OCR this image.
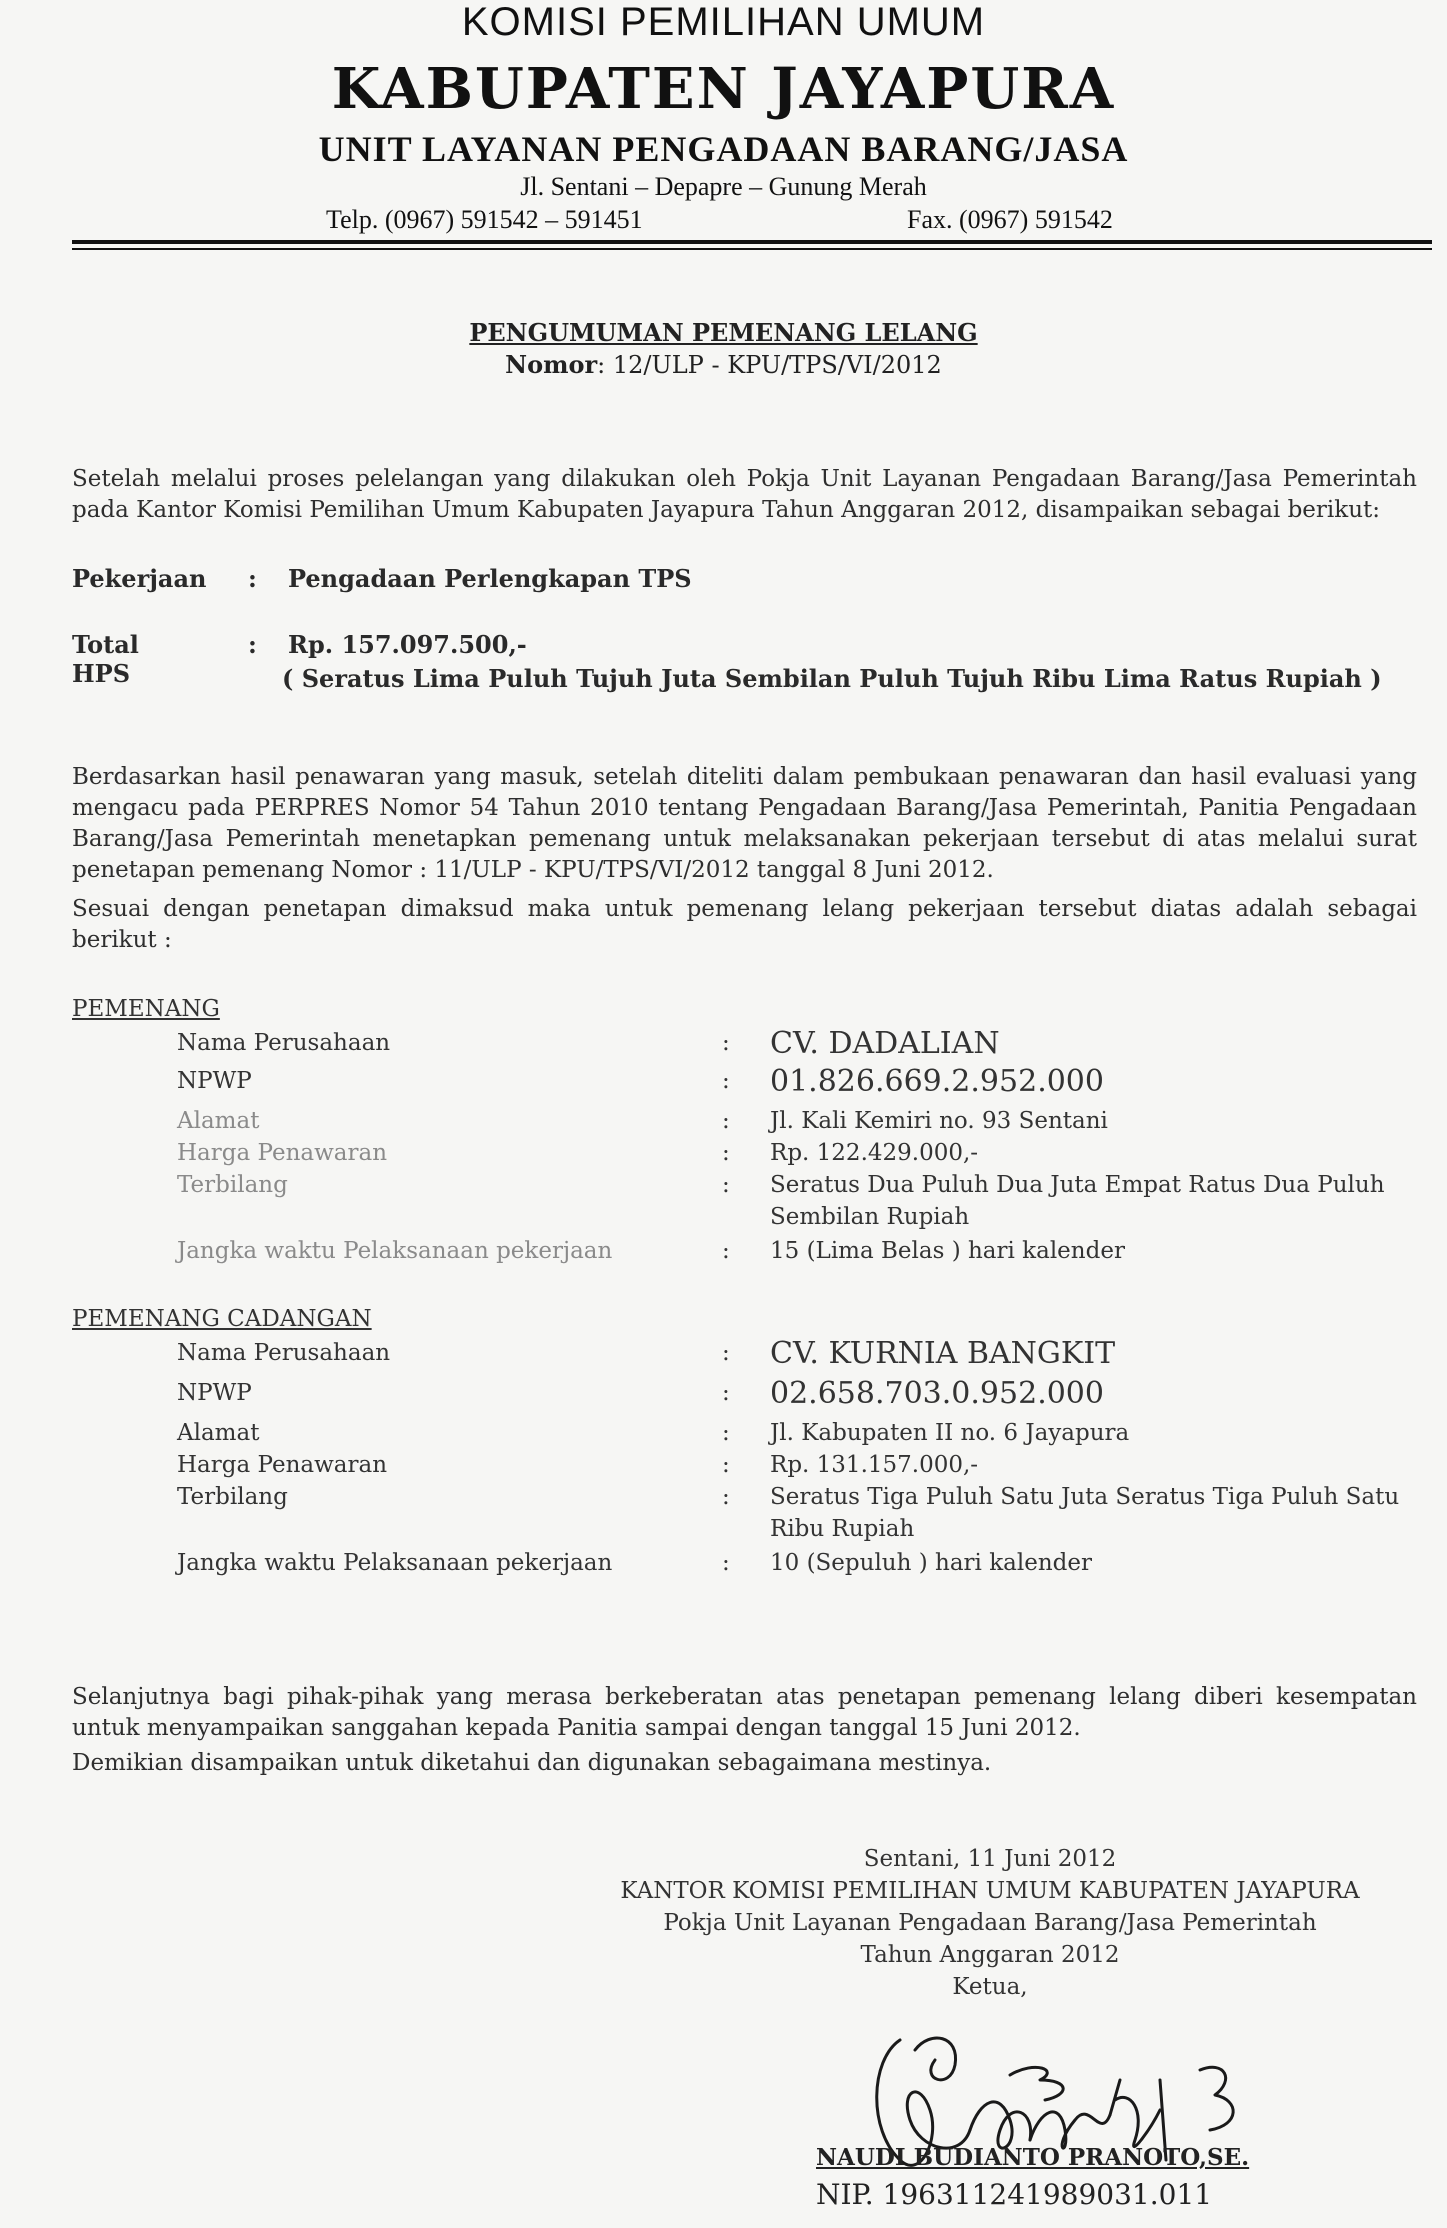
KOMISI PEMILIHAN UMUM
KABUPATEN JAYAPURA
UNIT LAYANAN PENGADAAN BARANG/JASA
Jl. Sentani – Depapre – Gunung Merah
Telp. (0967) 591542 – 591451	Fax. (0967) 591542
PENGUMUMAN PEMENANG LELANG
Nomor: 12/ULP - KPU/TPS/VI/2012
Setelah melalui proses pelelangan yang dilakukan oleh Pokja Unit Layanan Pengadaan Barang/Jasa Pemerintah pada Kantor Komisi Pemilihan Umum Kabupaten Jayapura Tahun Anggaran 2012, disampaikan sebagai berikut:
Pekerjaan : Pengadaan Perlengkapan TPS
Total HPS
: Rp. 157.097.500,-
( Seratus Lima Puluh Tujuh Juta Sembilan Puluh Tujuh Ribu Lima Ratus Rupiah )
Berdasarkan hasil penawaran yang masuk, setelah diteliti dalam pembukaan penawaran dan hasil evaluasi yang mengacu pada PERPRES Nomor 54 Tahun 2010 tentang Pengadaan Barang/Jasa Pemerintah, Panitia Pengadaan Barang/Jasa Pemerintah menetapkan pemenang untuk melaksanakan pekerjaan tersebut di atas melalui surat penetapan pemenang Nomor : 11/ULP - KPU/TPS/VI/2012 tanggal 8 Juni 2012.
Sesuai dengan penetapan dimaksud maka untuk pemenang lelang pekerjaan tersebut diatas adalah sebagai berikut :
PEMENANG
Nama Perusahaan	: CV. DADALIAN
NPWP	: 01.826.669.2.952.000
Alamat	: Jl. Kali Kemiri no. 93 Sentani
Harga Penawaran	: Rp. 122.429.000,-
Terbilang	: Seratus Dua Puluh Dua Juta Empat Ratus Dua Puluh
Sembilan Rupiah
Jangka waktu Pelaksanaan pekerjaan	: 15 (Lima Belas ) hari kalender
PEMENANG CADANGAN
Nama Perusahaan	: CV. KURNIA BANGKIT
NPWP	: 02.658.703.0.952.000
Alamat	: Jl. Kabupaten II no. 6 Jayapura
Harga Penawaran	: Rp. 131.157.000,-
Terbilang	: Seratus Tiga Puluh Satu Juta Seratus Tiga Puluh Satu
Ribu Rupiah
Jangka waktu Pelaksanaan pekerjaan	: 10 (Sepuluh ) hari kalender
Selanjutnya bagi pihak-pihak yang merasa berkeberatan atas penetapan pemenang lelang diberi kesempatan untuk menyampaikan sanggahan kepada Panitia sampai dengan tanggal 15 Juni 2012.
Demikian disampaikan untuk diketahui dan digunakan sebagaimana mestinya.
Sentani, 11 Juni 2012
KANTOR KOMISI PEMILIHAN UMUM KABUPATEN JAYAPURA
Pokja Unit Layanan Pengadaan Barang/Jasa Pemerintah
Tahun Anggaran 2012
Ketua,
NAUDI BUDIANTO PRANOTO,SE.
NIP. 196311241989031.011
